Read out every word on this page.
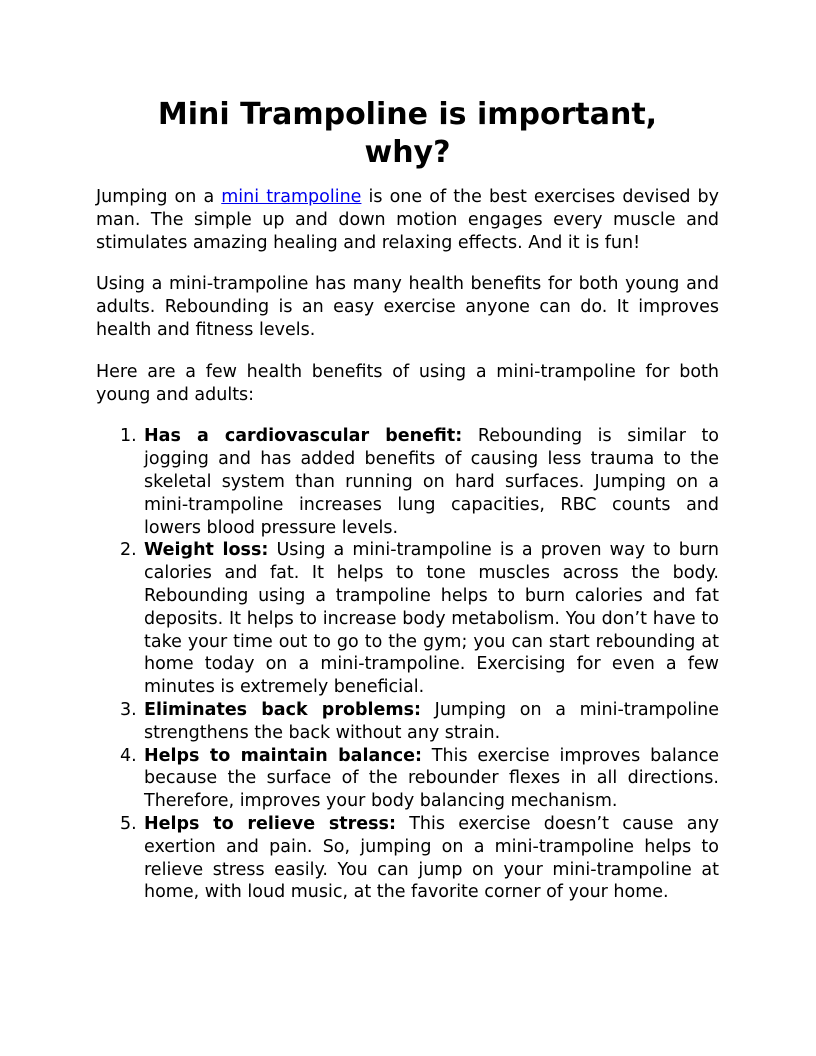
Mini Trampoline is important, why?

Jumping on a mini trampoline is one of the best exercises devised by man. The simple up and down motion engages every muscle and stimulates amazing healing and relaxing effects. And it is fun!

Using a mini-trampoline has many health benefits for both young and adults. Rebounding is an easy exercise anyone can do. It improves health and fitness levels.

Here are a few health benefits of using a mini-trampoline for both young and adults:

1. Has a cardiovascular benefit: Rebounding is similar to jogging and has added benefits of causing less trauma to the skeletal system than running on hard surfaces. Jumping on a mini-trampoline increases lung capacities, RBC counts and lowers blood pressure levels.
2. Weight loss: Using a mini-trampoline is a proven way to burn calories and fat. It helps to tone muscles across the body. Rebounding using a trampoline helps to burn calories and fat deposits. It helps to increase body metabolism. You don’t have to take your time out to go to the gym; you can start rebounding at home today on a mini-trampoline. Exercising for even a few minutes is extremely beneficial.
3. Eliminates back problems: Jumping on a mini-trampoline strengthens the back without any strain.
4. Helps to maintain balance: This exercise improves balance because the surface of the rebounder flexes in all directions. Therefore, improves your body balancing mechanism.
5. Helps to relieve stress: This exercise doesn’t cause any exertion and pain. So, jumping on a mini-trampoline helps to relieve stress easily. You can jump on your mini-trampoline at home, with loud music, at the favorite corner of your home.
